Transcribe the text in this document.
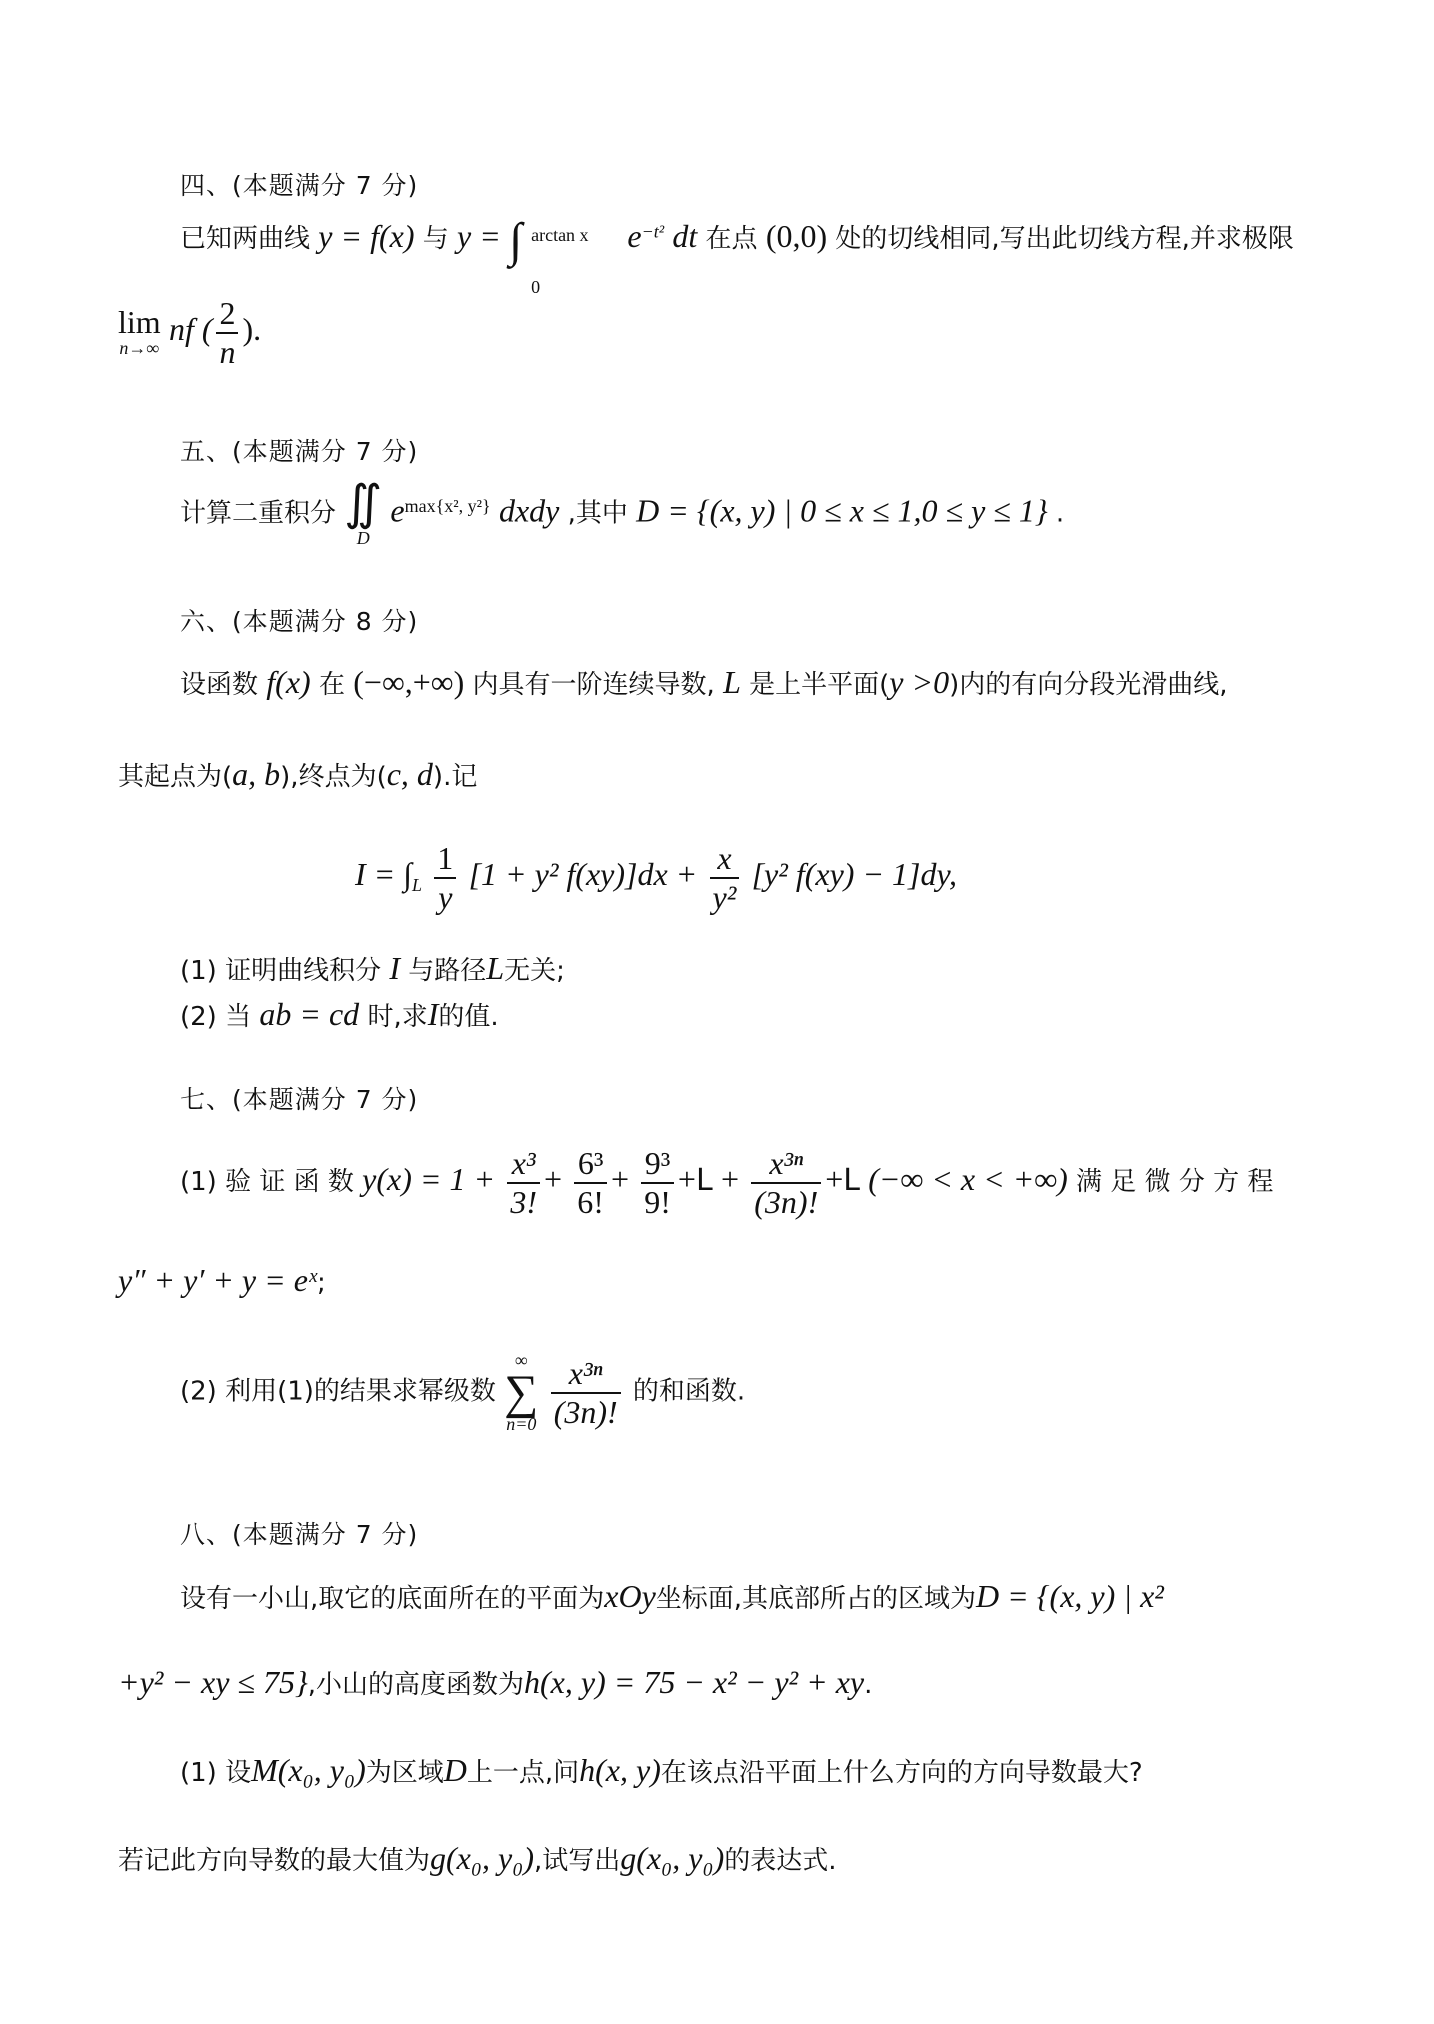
四、(本题满分 7 分)
已知两曲线 y = f(x) 与 y = ∫ arctan x
0
$e^{-t^2}$ dt 在点 (0,0) 处的切线相同,写出此切线方程,并求极限
lim
n→∞
nf ( $\frac{2}{n}$ ).
五、(本题满分 7 分)
计算二重积分 ∬
D
$e^{max\{x^2, y^2\}}$ dxdy ,其中 D = {(x, y) | 0 ≤ x ≤ 1,0 ≤ y ≤ 1} .
六、(本题满分 8 分)
设函数 f(x) 在 (−∞,+∞) 内具有一阶连续导数, L 是上半平面(y >0)内的有向分段光滑曲线,
其起点为(a, b),终点为(c, d).记
$I = \int_L \frac{1}{y} [1 + y^2$ $f(xy)]dx + \frac{x}{\text{y²}} [y^2$ f(xy) − 1]dy,
(1) 证明曲线积分 I 与路径L无关;
(2) 当 ab = cd 时,求I的值.
七、(本题满分 7 分)
(1) 验 证 函 数 $y(x) = 1 + \frac{\text{x³}}{3!} + \frac{\text{6³}}{6!} + \frac{\text{9³}}{9!} +L + \frac{\text{x³ⁿ}}{(3n)!} +L$ (−∞ < x < +∞) 满 足 微 分 方 程
y″ + y′ + y = eˣ;
(2) 利用(1)的结果求幂级数
∞
∑
n=0
$\frac{\text{x³ⁿ}}{(3n)!}$ 的和函数.
八、(本题满分 7 分)
设有一小山,取它的底面所在的平面为xOy坐标面,其底部所占的区域为D = {(x, y) | x²
+y² − xy ≤ 75},小山的高度函数为h(x, y) = 75 − x² − y² + xy.
(1) 设M(x₀, y₀)为区域D上一点,问h(x, y)在该点沿平面上什么方向的方向导数最大?
若记此方向导数的最大值为g(x₀, y₀),试写出g(x₀, y₀)的表达式.
